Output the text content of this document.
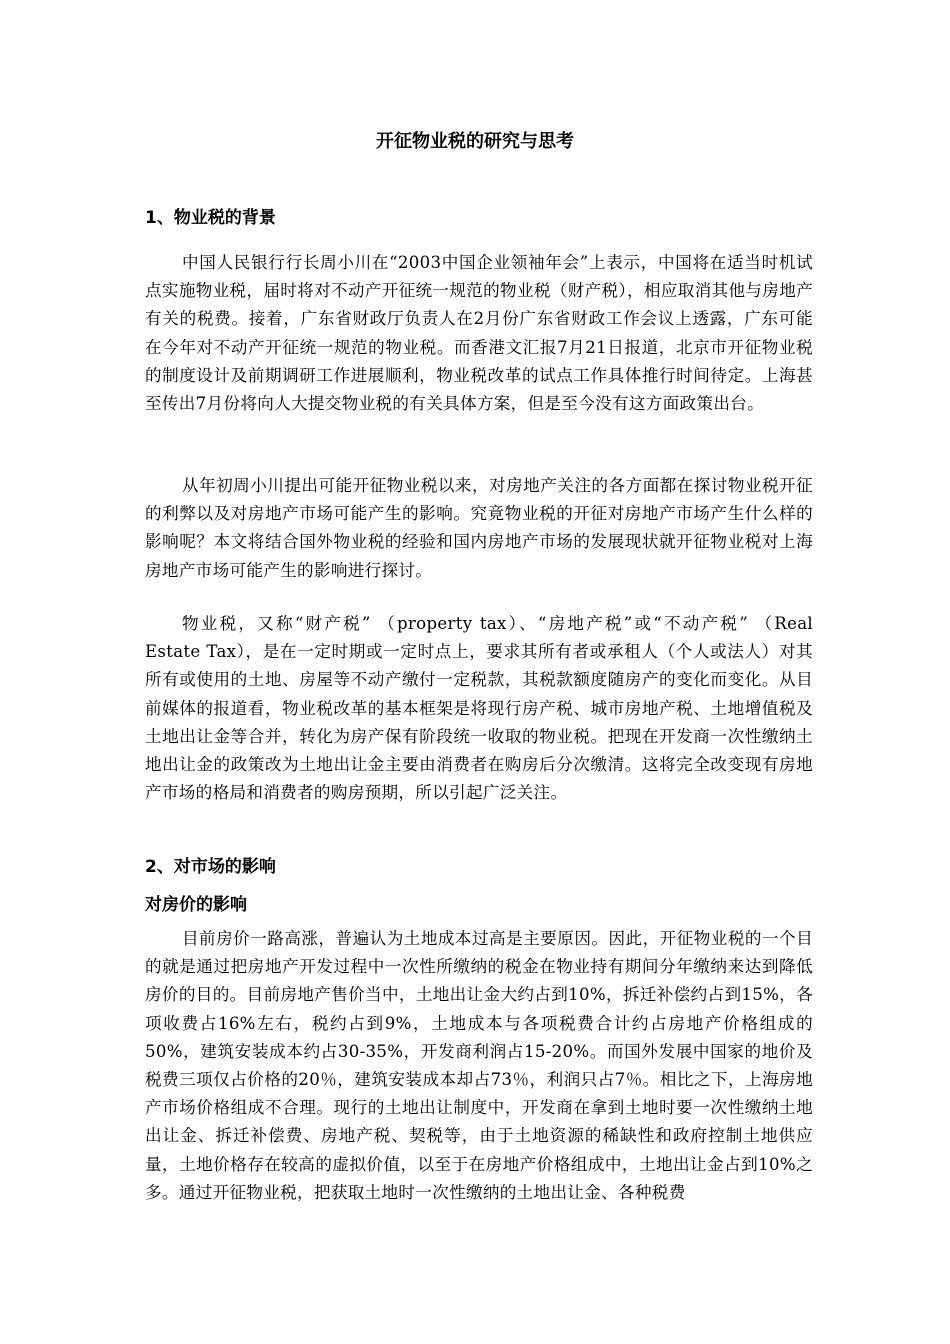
开征物业税的研究与思考
1、物业税的背景

中国人民银行行长周小川在“2003中国企业领袖年会”上表示，中国将在适当时机试点实施物业税，届时将对不动产开征统一规范的物业税（财产税），相应取消其他与房地产有关的税费。接着，广东省财政厅负责人在2月份广东省财政工作会议上透露，广东可能在今年对不动产开征统一规范的物业税。而香港文汇报7月21日报道，北京市开征物业税的制度设计及前期调研工作进展顺利，物业税改革的试点工作具体推行时间待定。上海甚至传出7月份将向人大提交物业税的有关具体方案，但是至今没有这方面政策出台。

从年初周小川提出可能开征物业税以来，对房地产关注的各方面都在探讨物业税开征的利弊以及对房地产市场可能产生的影响。究竟物业税的开征对房地产市场产生什么样的影响呢？本文将结合国外物业税的经验和国内房地产市场的发展现状就开征物业税对上海房地产市场可能产生的影响进行探讨。

物业税，又称“财产税” （property tax）、“房地产税”或“不动产税” （Real Estate Tax），是在一定时期或一定时点上，要求其所有者或承租人（个人或法人）对其所有或使用的土地、房屋等不动产缴付一定税款，其税款额度随房产的变化而变化。从目前媒体的报道看，物业税改革的基本框架是将现行房产税、城市房地产税、土地增值税及土地出让金等合并，转化为房产保有阶段统一收取的物业税。把现在开发商一次性缴纳土地出让金的政策改为土地出让金主要由消费者在购房后分次缴清。这将完全改变现有房地产市场的格局和消费者的购房预期，所以引起广泛关注。

2、对市场的影响
对房价的影响

目前房价一路高涨，普遍认为土地成本过高是主要原因。因此，开征物业税的一个目的就是通过把房地产开发过程中一次性所缴纳的税金在物业持有期间分年缴纳来达到降低房价的目的。目前房地产售价当中，土地出让金大约占到10%，拆迁补偿约占到15%，各项收费占16%左右，税约占到9%，土地成本与各项税费合计约占房地产价格组成的50%，建筑安装成本约占30-35%，开发商利润占15-20%。而国外发展中国家的地价及税费三项仅占价格的20％，建筑安装成本却占73％，利润只占7％。相比之下，上海房地产市场价格组成不合理。现行的土地出让制度中，开发商在拿到土地时要一次性缴纳土地出让金、拆迁补偿费、房地产税、契税等，由于土地资源的稀缺性和政府控制土地供应量，土地价格存在较高的虚拟价值，以至于在房地产价格组成中，土地出让金占到10%之多。通过开征物业税，把获取土地时一次性缴纳的土地出让金、各种税费
